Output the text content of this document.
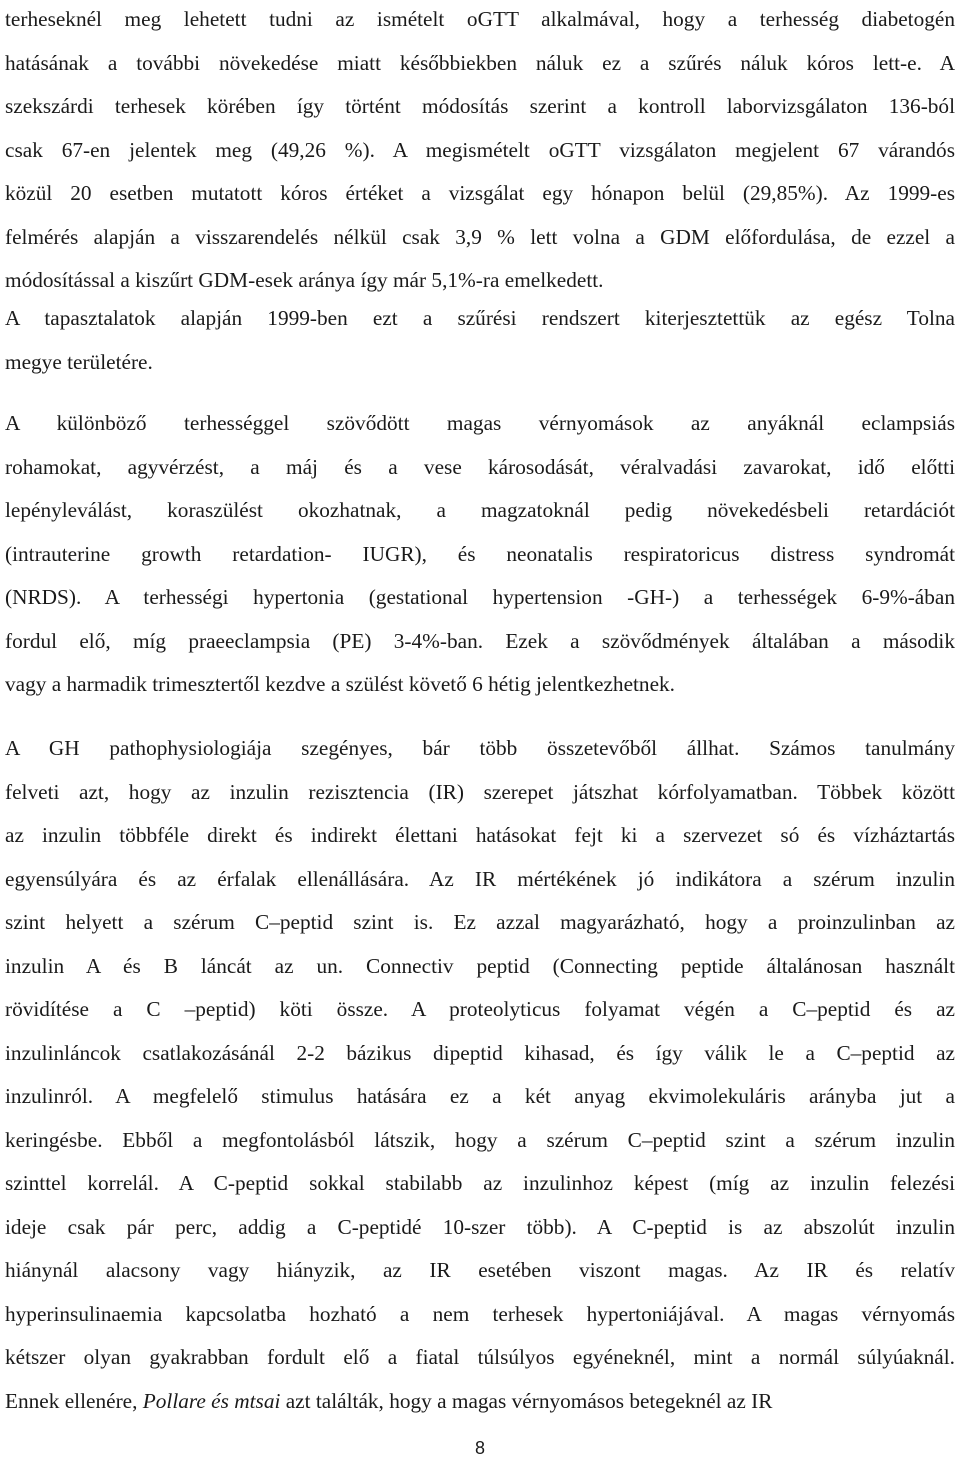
terheseknél meg lehetett tudni az ismételt oGTT alkalmával, hogy a terhesség diabetogén
hatásának a további növekedése miatt későbbiekben náluk ez a szűrés náluk kóros lett-e. A
szekszárdi terhesek körében így történt módosítás szerint a kontroll laborvizsgálaton 136-ból
csak 67-en jelentek meg (49,26 %). A megismételt oGTT vizsgálaton megjelent 67 várandós
közül 20 esetben mutatott kóros értéket a vizsgálat egy hónapon belül (29,85%). Az 1999-es
felmérés alapján a visszarendelés nélkül csak 3,9 % lett volna a GDM előfordulása, de ezzel a
módosítással a kiszűrt GDM-esek aránya így már 5,1%-ra emelkedett.
A tapasztalatok alapján 1999-ben ezt a szűrési rendszert kiterjesztettük az egész Tolna
megye területére.
A különböző terhességgel szövődött magas vérnyomások az anyáknál eclampsiás
rohamokat, agyvérzést, a máj és a vese károsodását, véralvadási zavarokat, idő előtti
lepényleválást, koraszülést okozhatnak, a magzatoknál pedig növekedésbeli retardációt
(intrauterine growth retardation- IUGR), és neonatalis respiratoricus distress syndromát
(NRDS). A terhességi hypertonia (gestational hypertension -GH-) a terhességek 6-9%-ában
fordul elő, míg praeeclampsia (PE) 3-4%-ban. Ezek a szövődmények általában a második
vagy a harmadik trimesztertől kezdve a szülést követő 6 hétig jelentkezhetnek.
A GH pathophysiologiája szegényes, bár több összetevőből állhat. Számos tanulmány
felveti azt, hogy az inzulin rezisztencia (IR) szerepet játszhat kórfolyamatban. Többek között
az inzulin többféle direkt és indirekt élettani hatásokat fejt ki a szervezet só és vízháztartás
egyensúlyára és az érfalak ellenállására. Az IR mértékének jó indikátora a szérum inzulin
szint helyett a szérum C–peptid szint is. Ez azzal magyarázható, hogy a proinzulinban az
inzulin A és B láncát az un. Connectiv peptid (Connecting peptide általánosan használt
rövidítése a C –peptid) köti össze. A proteolyticus folyamat végén a C–peptid és az
inzulinláncok csatlakozásánál 2-2 bázikus dipeptid kihasad, és így válik le a C–peptid az
inzulinról. A megfelelő stimulus hatására ez a két anyag ekvimolekuláris arányba jut a
keringésbe. Ebből a megfontolásból látszik, hogy a szérum C–peptid szint a szérum inzulin
szinttel korrelál. A C-peptid sokkal stabilabb az inzulinhoz képest (míg az inzulin felezési
ideje csak pár perc, addig a C-peptidé 10-szer több). A C-peptid is az abszolút inzulin
hiánynál alacsony vagy hiányzik, az IR esetében viszont magas. Az IR és relatív
hyperinsulinaemia kapcsolatba hozható a nem terhesek hypertoniájával. A magas vérnyomás
kétszer olyan gyakrabban fordult elő a fiatal túlsúlyos egyéneknél, mint a normál súlyúaknál.
Ennek ellenére, Pollare és mtsai azt találták, hogy a magas vérnyomásos betegeknél az IR
8
